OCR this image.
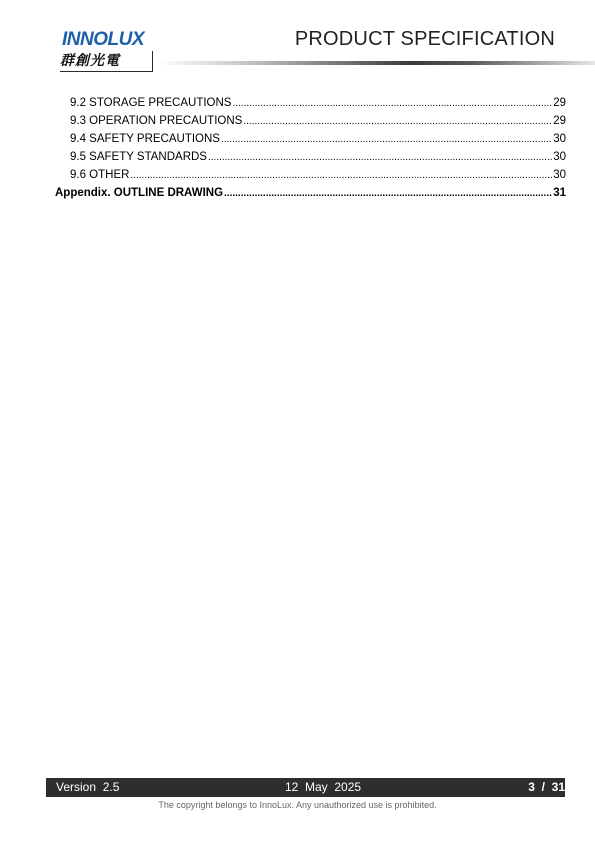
INNOLUX
群創光電
PRODUCT SPECIFICATION
9.2 STORAGE PRECAUTIONS .....	29
9.3 OPERATION PRECAUTIONS .....	29
9.4 SAFETY PRECAUTIONS .....	30
9.5 SAFETY STANDARDS .....	30
9.6 OTHER .....	30
Appendix. OUTLINE DRAWING .....	31
Version  2.5	12  May  2025	3  /  31
The copyright belongs to InnoLux. Any unauthorized use is prohibited.
